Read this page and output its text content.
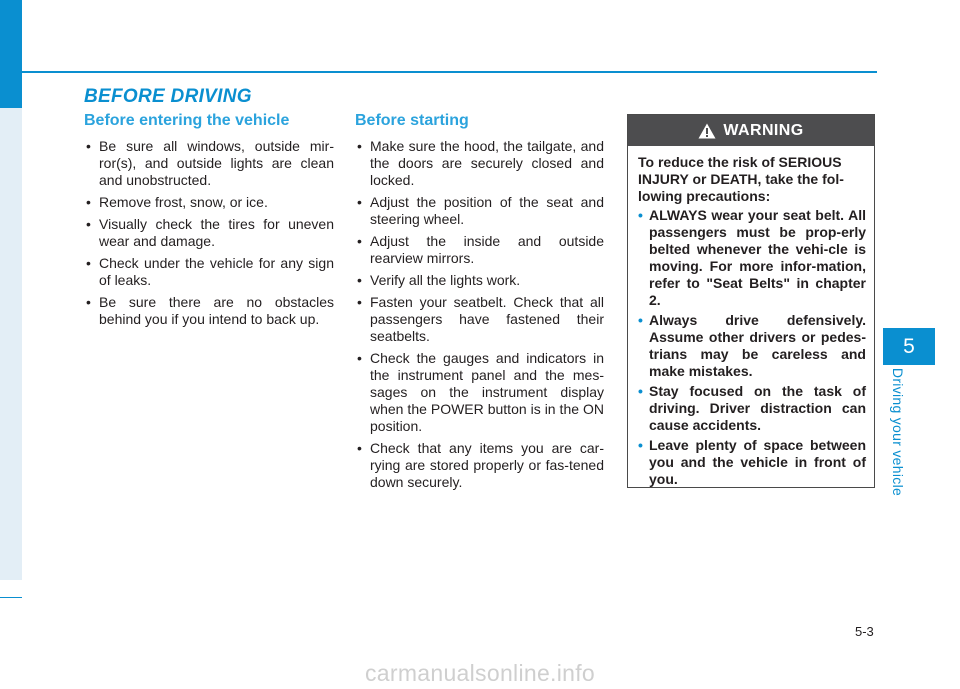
BEFORE DRIVING
Before entering the vehicle
• Be sure all windows, outside mir-ror(s), and outside lights are clean and unobstructed.
• Remove frost, snow, or ice.
• Visually check the tires for uneven wear and damage.
• Check under the vehicle for any sign of leaks.
• Be sure there are no obstacles behind you if you intend to back up.
Before starting
• Make sure the hood, the tailgate, and the doors are securely closed and locked.
• Adjust the position of the seat and steering wheel.
• Adjust the inside and outside rearview mirrors.
• Verify all the lights work.
• Fasten your seatbelt. Check that all passengers have fastened their seatbelts.
• Check the gauges and indicators in the instrument panel and the mes-sages on the instrument display when the POWER button is in the ON position.
• Check that any items you are car-rying are stored properly or fas-tened down securely.
WARNING

To reduce the risk of SERIOUS INJURY or DEATH, take the fol-lowing precautions:

• ALWAYS wear your seat belt. All passengers must be prop-erly belted whenever the vehi-cle is moving. For more infor-mation, refer to "Seat Belts" in chapter 2.
• Always drive defensively. Assume other drivers or pedes-trians may be careless and make mistakes.
• Stay focused on the task of driving. Driver distraction can cause accidents.
• Leave plenty of space between you and the vehicle in front of you.
5
Driving your vehicle
5-3
carmanualsonline.info
